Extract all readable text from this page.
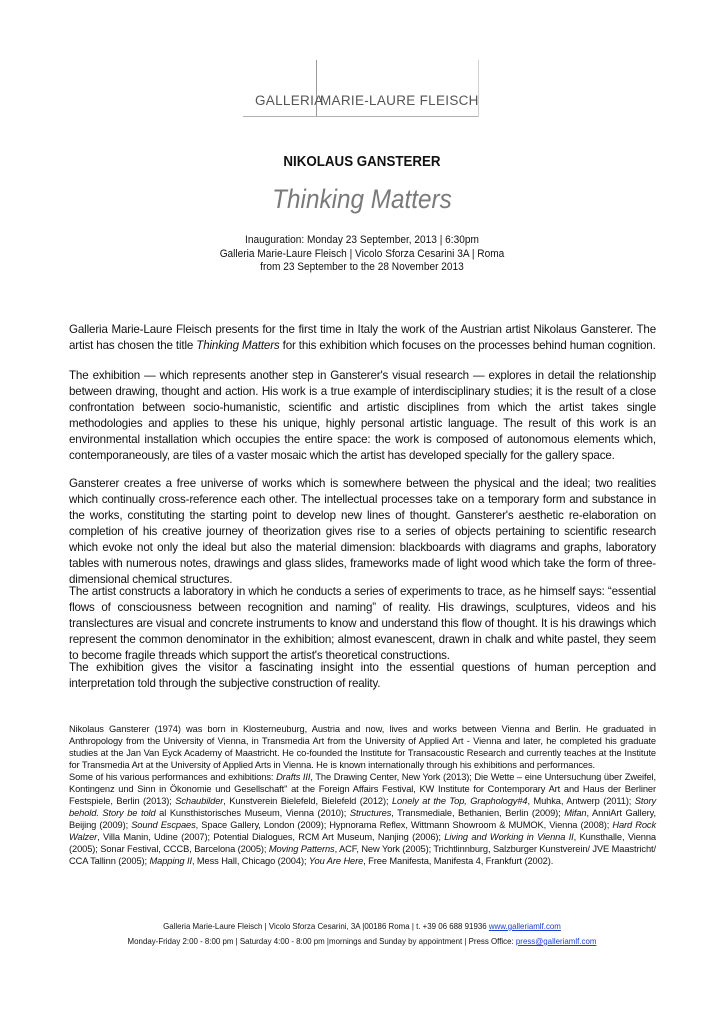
GALLERIA
MARIE-LAURE FLEISCH
NIKOLAUS GANSTERER
Thinking Matters
Inauguration: Monday 23 September, 2013 | 6:30pm
Galleria Marie-Laure Fleisch | Vicolo Sforza Cesarini 3A | Roma
from 23 September to the 28 November 2013
Galleria Marie-Laure Fleisch presents for the first time in Italy the work of the Austrian artist Nikolaus Gansterer. The artist has chosen the title Thinking Matters for this exhibition which focuses on the processes behind human cognition.
The exhibition — which represents another step in Gansterer's visual research — explores in detail the relationship between drawing, thought and action. His work is a true example of interdisciplinary studies; it is the result of a close confrontation between socio-humanistic, scientific and artistic disciplines from which the artist takes single methodologies and applies to these his unique, highly personal artistic language. The result of this work is an environmental installation which occupies the entire space: the work is composed of autonomous elements which, contemporaneously, are tiles of a vaster mosaic which the artist has developed specially for the gallery space.
Gansterer creates a free universe of works which is somewhere between the physical and the ideal; two realities which continually cross-reference each other. The intellectual processes take on a temporary form and substance in the works, constituting the starting point to develop new lines of thought. Gansterer's aesthetic re-elaboration on completion of his creative journey of theorization gives rise to a series of objects pertaining to scientific research which evoke not only the ideal but also the material dimension: blackboards with diagrams and graphs, laboratory tables with numerous notes, drawings and glass slides, frameworks made of light wood which take the form of three-dimensional chemical structures.
The artist constructs a laboratory in which he conducts a series of experiments to trace, as he himself says: “essential flows of consciousness between recognition and naming” of reality. His drawings, sculptures, videos and his translectures are visual and concrete instruments to know and understand this flow of thought. It is his drawings which represent the common denominator in the exhibition; almost evanescent, drawn in chalk and white pastel, they seem to become fragile threads which support the artist's theoretical constructions.
The exhibition gives the visitor a fascinating insight into the essential questions of human perception and interpretation told through the subjective construction of reality.
Nikolaus Gansterer (1974) was born in Klosterneuburg, Austria and now, lives and works between Vienna and Berlin. He graduated in Anthropology from the University of Vienna, in Transmedia Art from the University of Applied Art - Vienna and later, he completed his graduate studies at the Jan Van Eyck Academy of Maastricht. He co-founded the Institute for Transacoustic Research and currently teaches at the Institute for Transmedia Art at the University of Applied Arts in Vienna. He is known internationally through his exhibitions and performances.
Some of his various performances and exhibitions: Drafts III, The Drawing Center, New York (2013); Die Wette – eine Untersuchung über Zweifel, Kontingenz und Sinn in Ökonomie und Gesellschaft" at the Foreign Affairs Festival, KW Institute for Contemporary Art and Haus der Berliner Festspiele, Berlin (2013); Schaubilder, Kunstverein Bielefeld, Bielefeld (2012); Lonely at the Top, Graphology#4, Muhka, Antwerp (2011); Story behold. Story be told al Kunsthistorisches Museum, Vienna (2010); Structures, Transmediale, Bethanien, Berlin (2009); Mifan, AnniArt Gallery, Beijing (2009); Sound Escpaes, Space Gallery, London (2009); Hypnorama Reflex, Wittmann Showroom & MUMOK, Vienna (2008); Hard Rock Walzer, Villa Manin, Udine (2007); Potential Dialogues, RCM Art Museum, Nanjing (2006); Living and Working in Vienna II, Kunsthalle, Vienna (2005); Sonar Festival, CCCB, Barcelona (2005); Moving Patterns, ACF, New York (2005); Trichtlinnburg, Salzburger Kunstverein/ JVE Maastricht/ CCA Tallinn (2005); Mapping II, Mess Hall, Chicago (2004); You Are Here, Free Manifesta, Manifesta 4, Frankfurt (2002).
Galleria Marie-Laure Fleisch | Vicolo Sforza Cesarini, 3A |00186 Roma | t. +39 06 688 91936 www.galleriamlf.com
Monday-Friday 2:00 - 8:00 pm | Saturday 4:00 - 8:00 pm |mornings and Sunday by appointment | Press Office: press@galleriamlf.com
